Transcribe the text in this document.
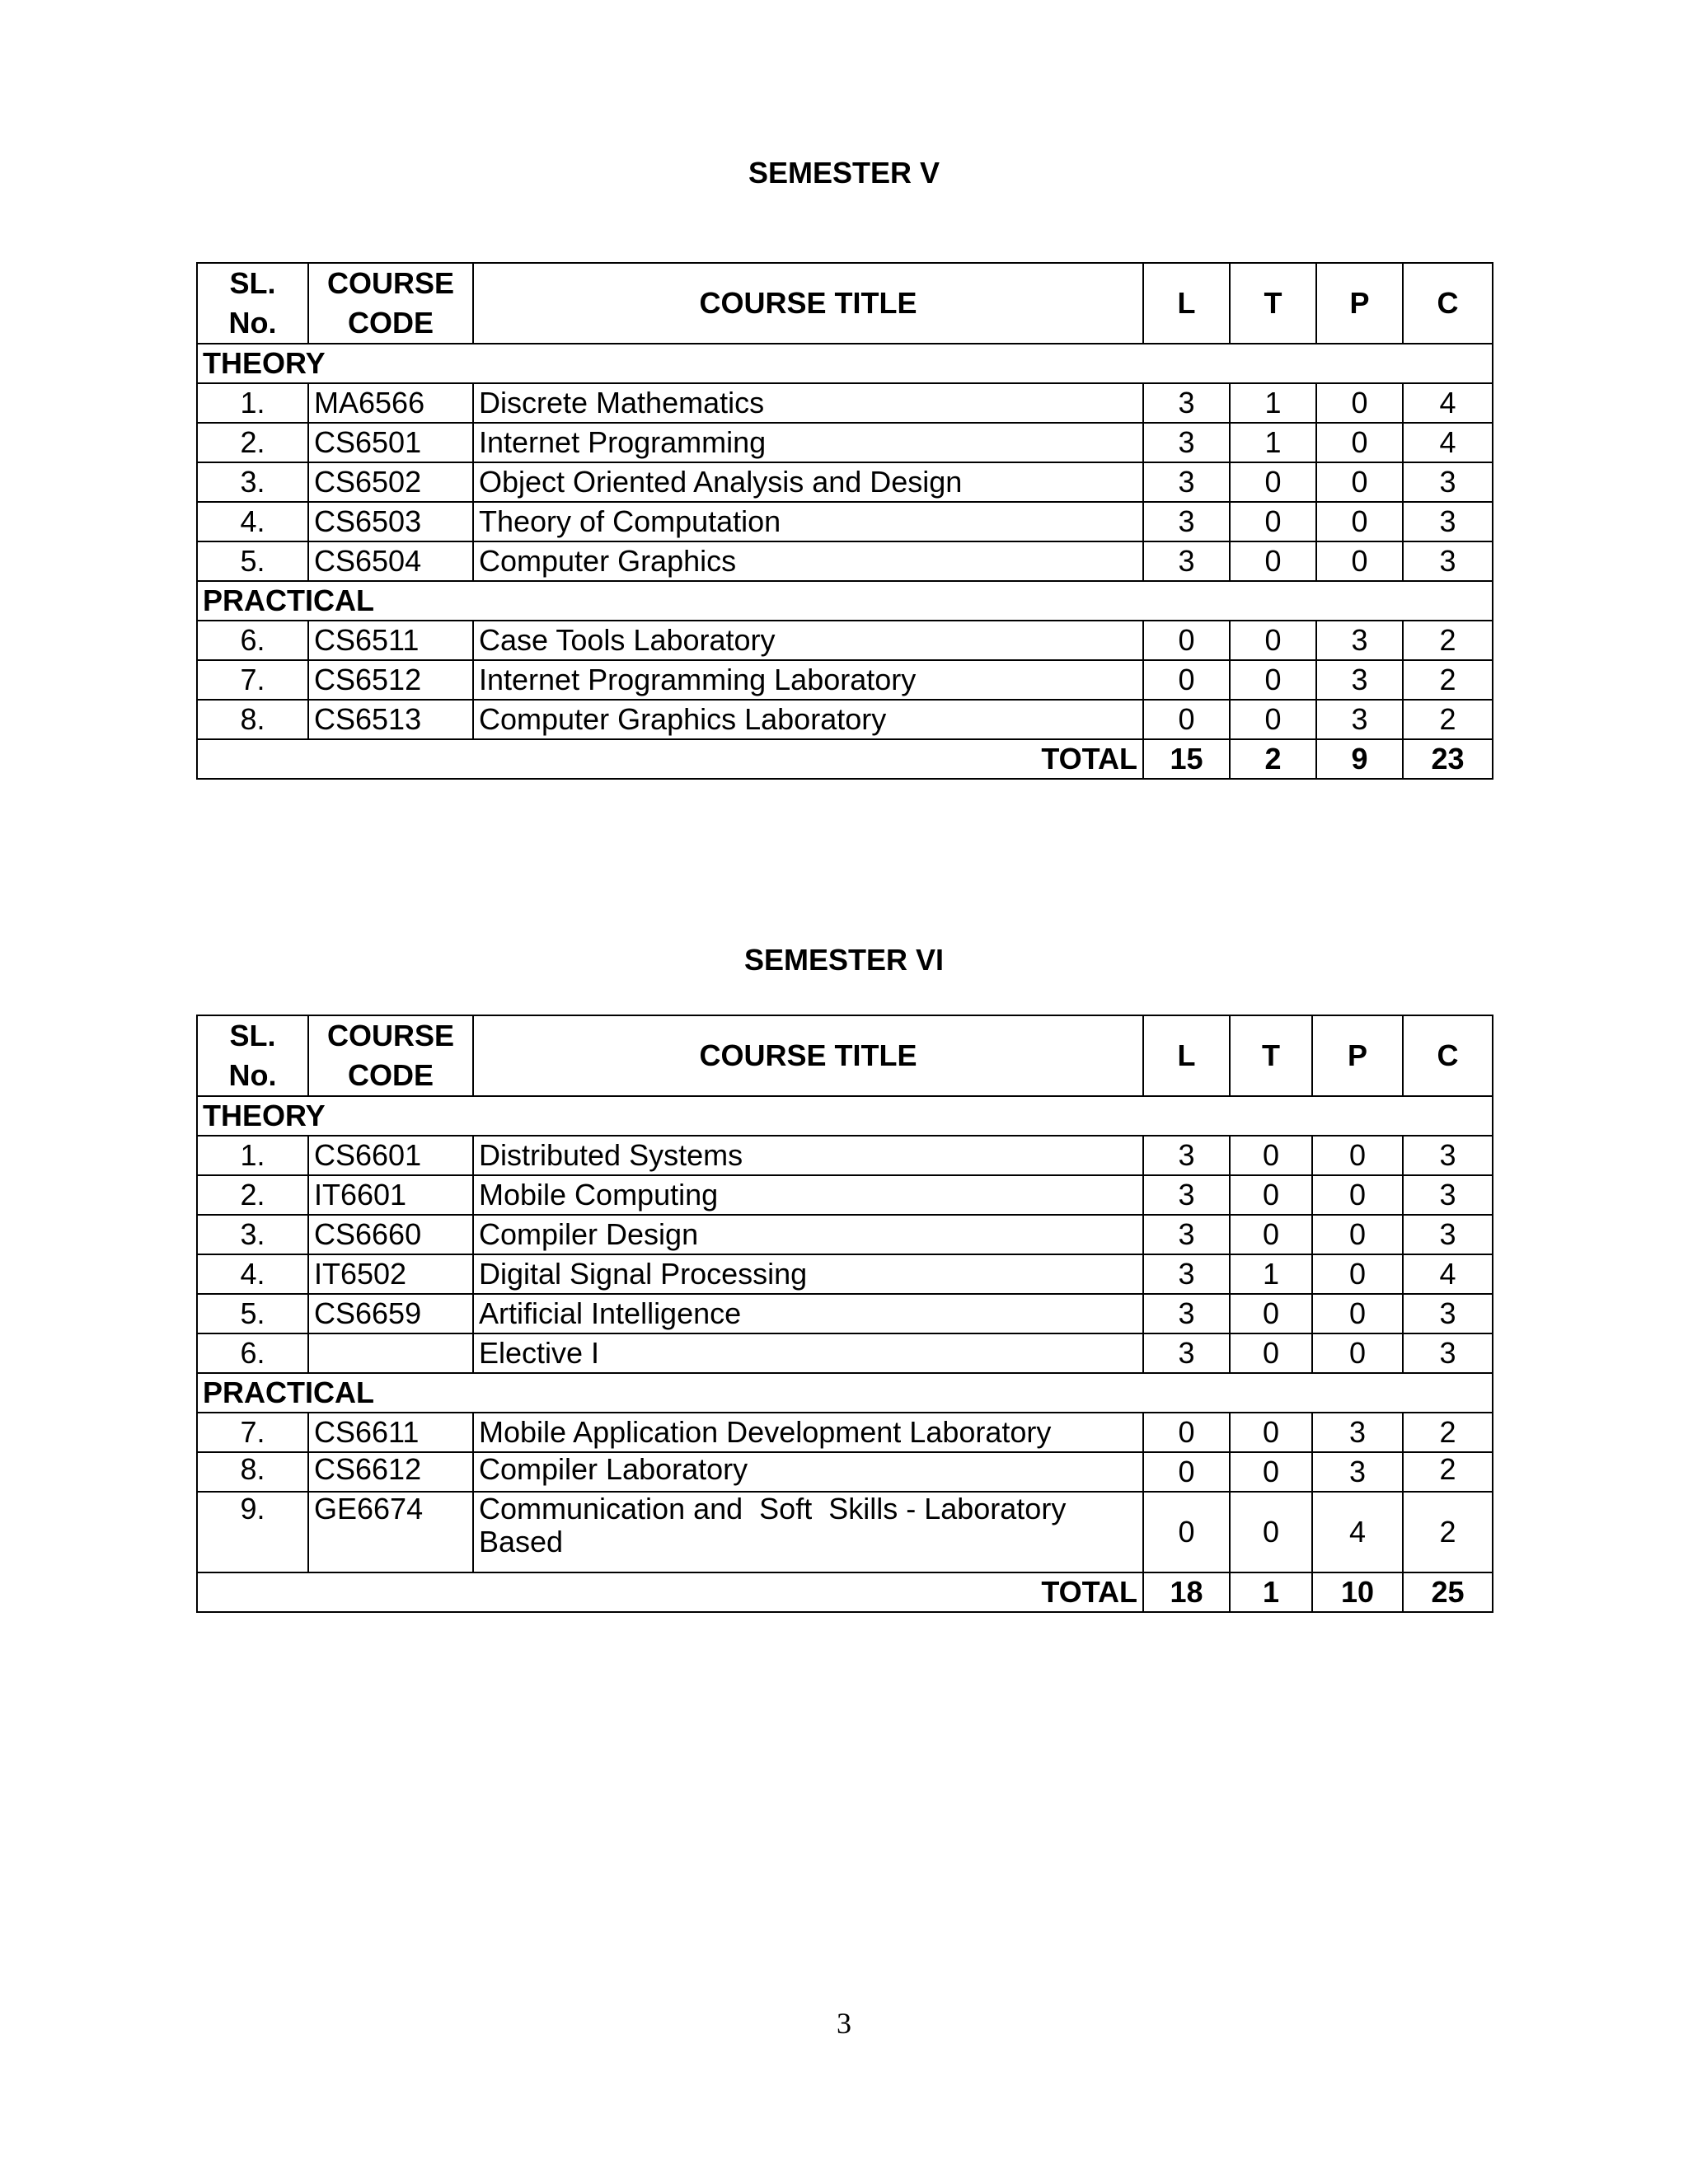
SEMESTER V
SL. No.	COURSE CODE	COURSE TITLE	L	T	P	C
THEORY						
1.	MA6566	Discrete Mathematics	3	1	0	4
2.	CS6501	Internet Programming	3	1	0	4
3.	CS6502	Object Oriented Analysis and Design	3	0	0	3
4.	CS6503	Theory of Computation	3	0	0	3
5.	CS6504	Computer Graphics	3	0	0	3
PRACTICAL						
6.	CS6511	Case Tools Laboratory	0	0	3	2
7.	CS6512	Internet Programming Laboratory	0	0	3	2
8.	CS6513	Computer Graphics Laboratory	0	0	3	2
TOTAL			15	2	9	23
SEMESTER VI
SL. No.	COURSE CODE	COURSE TITLE	L	T	P	C
THEORY						
1.	CS6601	Distributed Systems	3	0	0	3
2.	IT6601	Mobile Computing	3	0	0	3
3.	CS6660	Compiler Design	3	0	0	3
4.	IT6502	Digital Signal Processing	3	1	0	4
5.	CS6659	Artificial Intelligence	3	0	0	3
6.		Elective I	3	0	0	3
PRACTICAL						
7.	CS6611	Mobile Application Development Laboratory	0	0	3	2
8.	CS6612	Compiler Laboratory	0	0	3	2
9.	GE6674	Communication and  Soft  Skills - Laboratory Based	0	0	4	2
TOTAL			18	1	10	25
3
